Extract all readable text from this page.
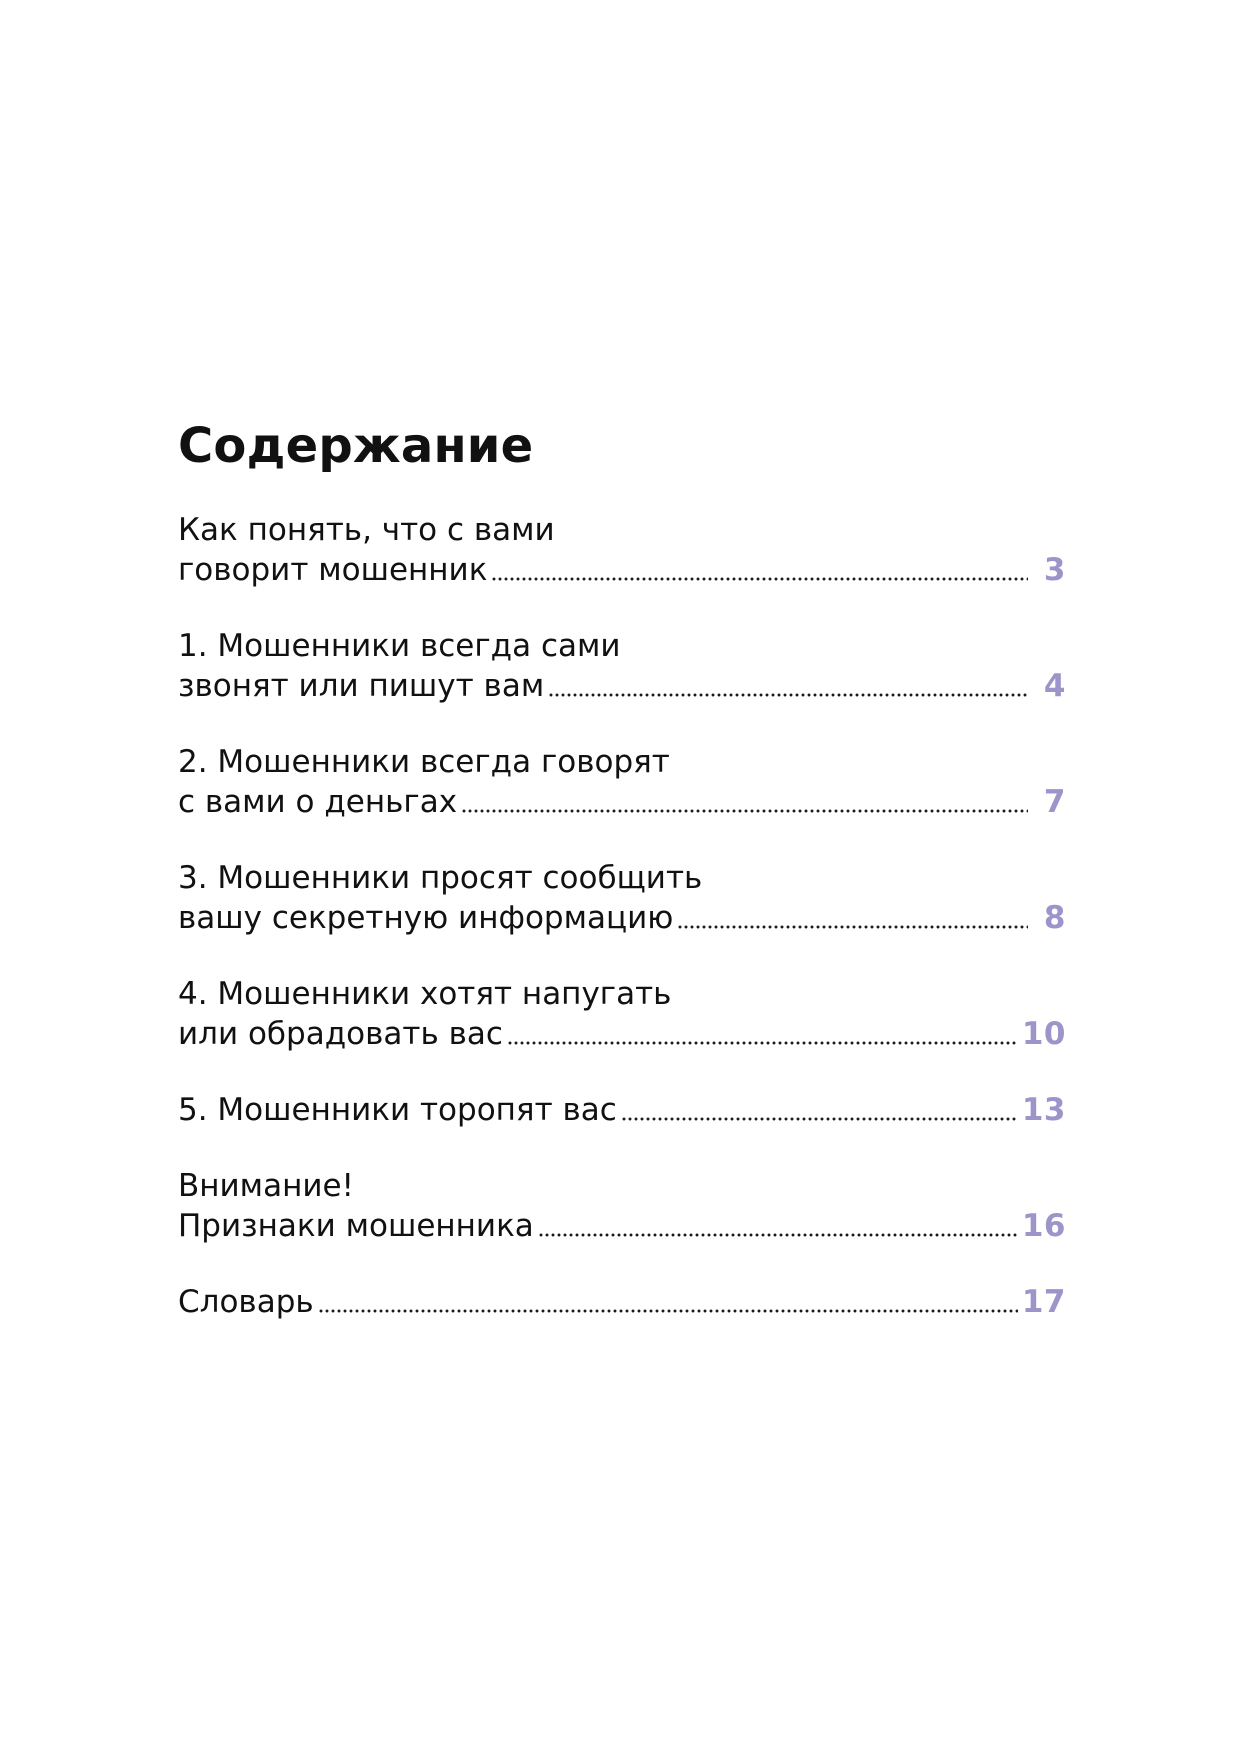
Содержание
Как понять, что с вами
говорит мошенник	3
1. Мошенники всегда сами
звонят или пишут вам	4
2. Мошенники всегда говорят
с вами о деньгах	7
3. Мошенники просят сообщить
вашу секретную информацию	8
4. Мошенники хотят напугать
или обрадовать вас	10
5. Мошенники торопят вас	13
Внимание!
Признаки мошенника	16
Словарь	17
